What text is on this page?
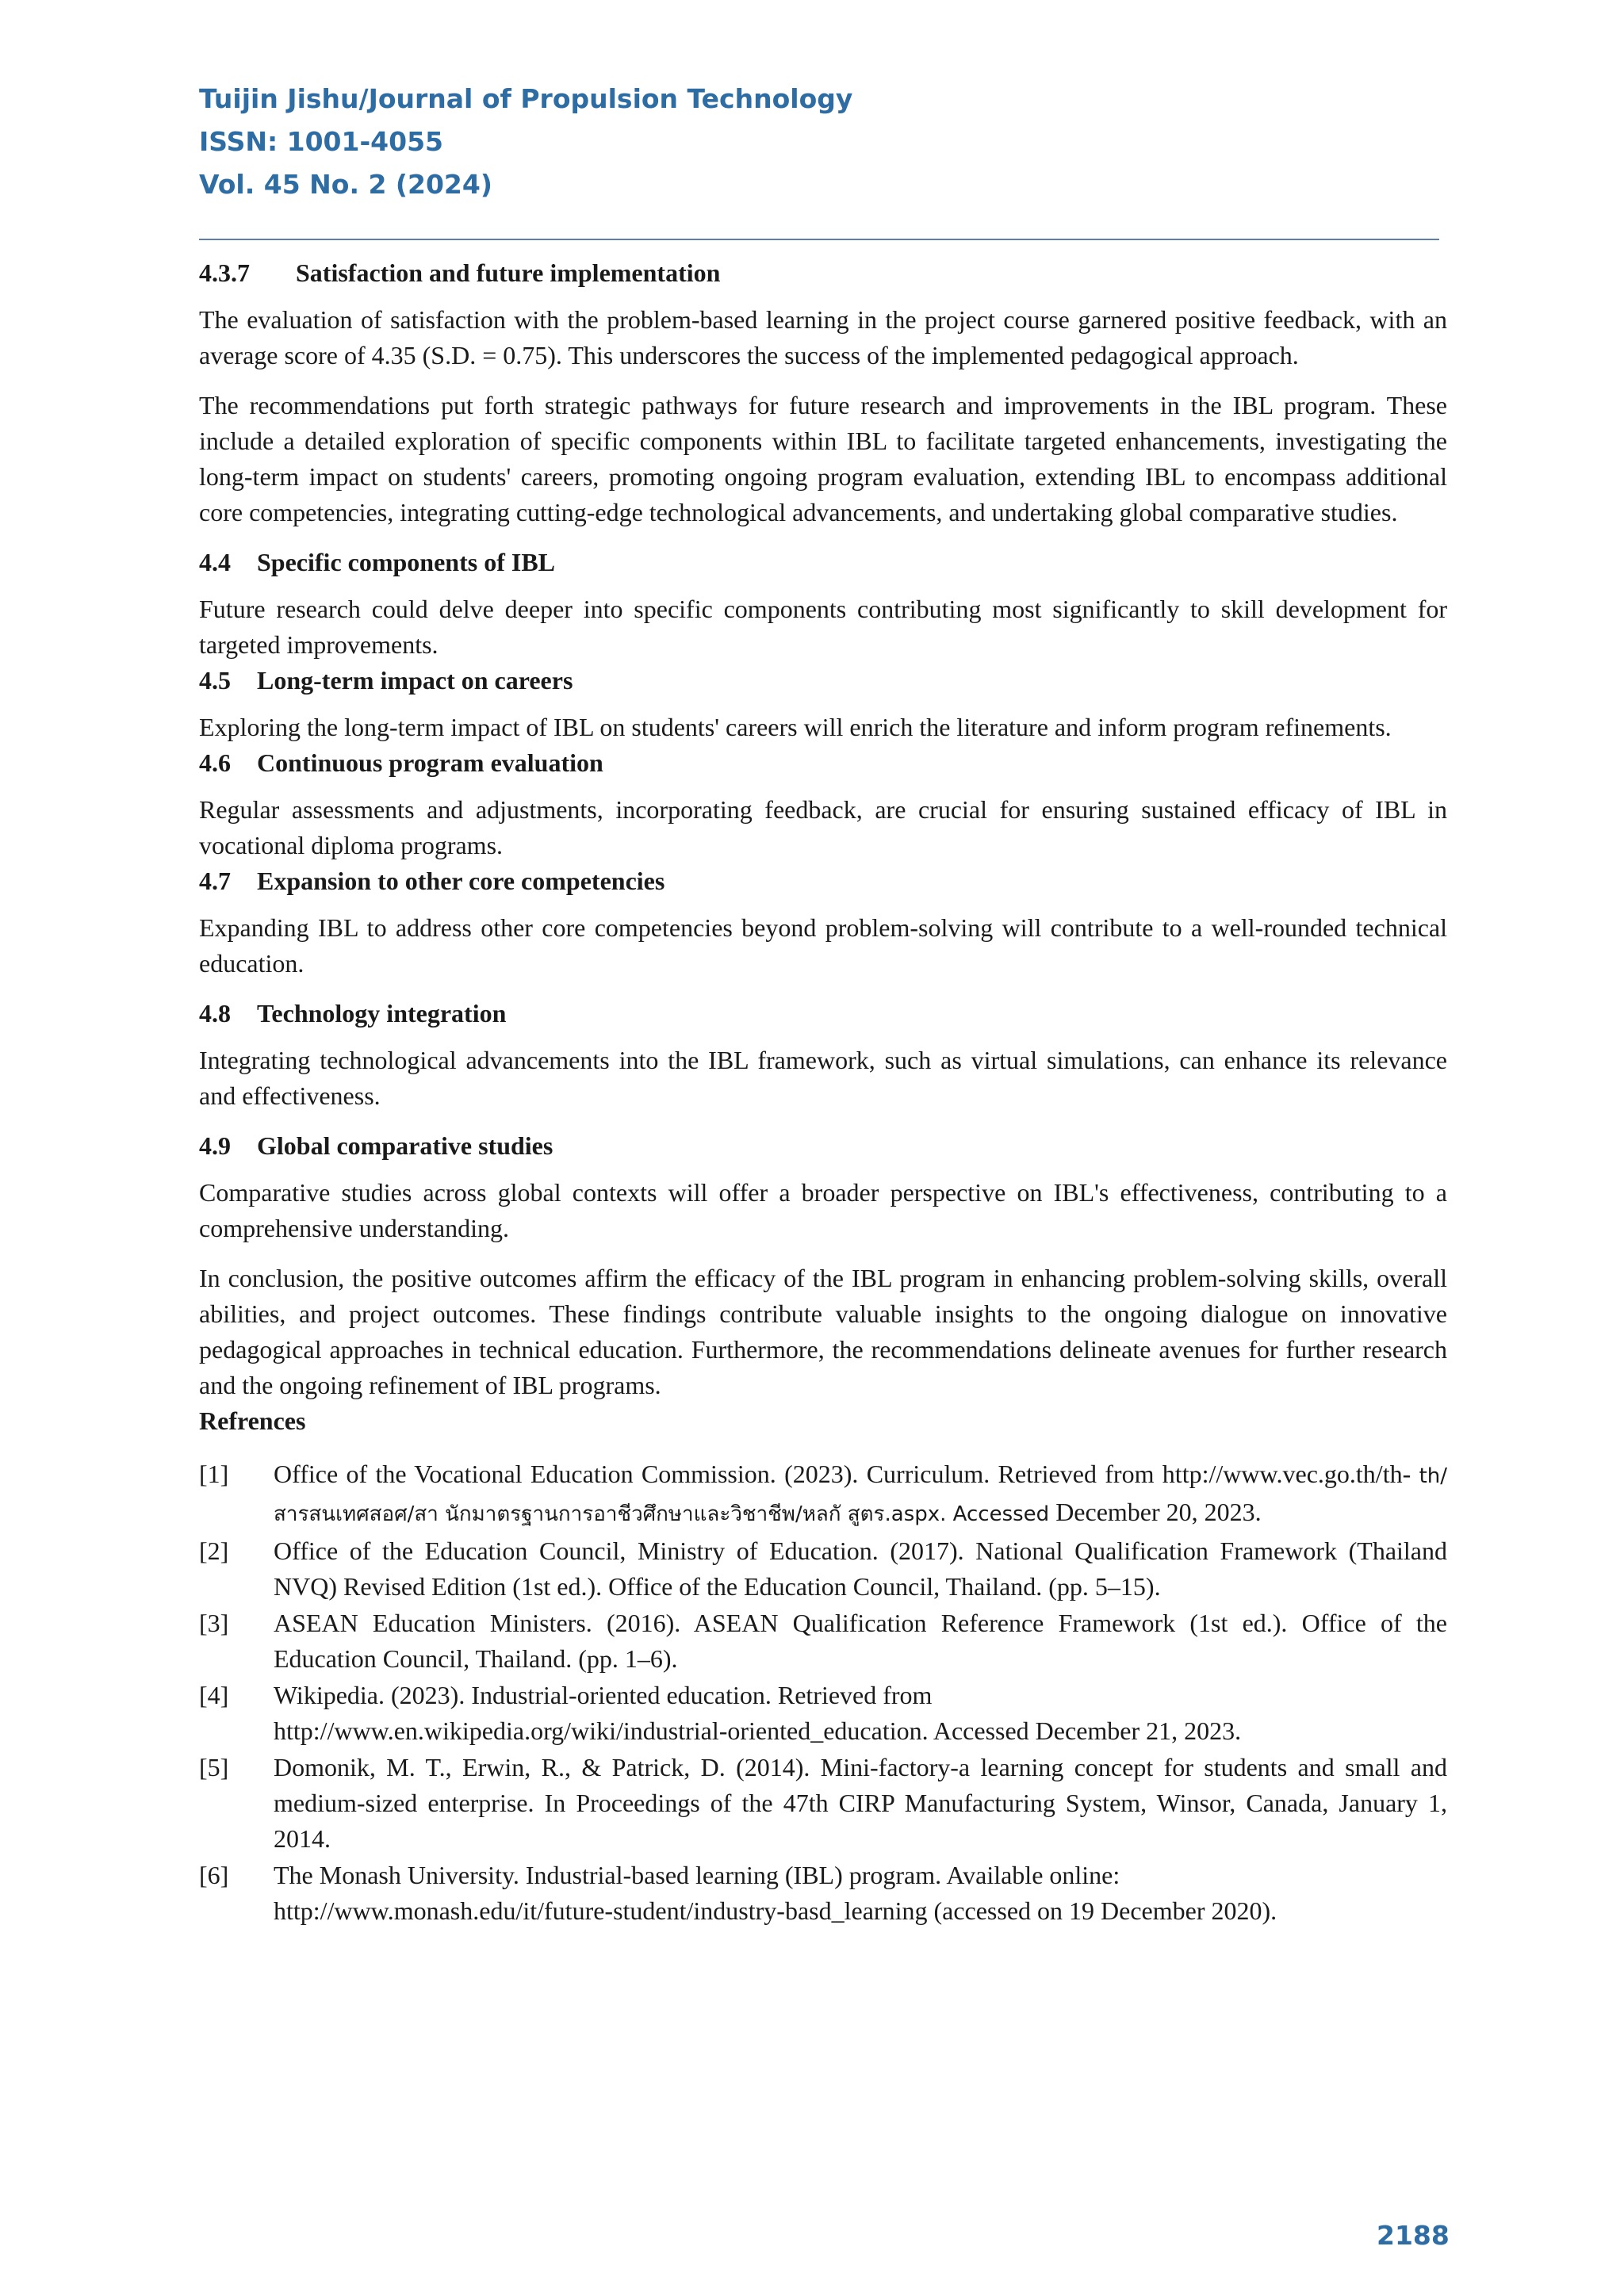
Tuijin Jishu/Journal of Propulsion Technology
ISSN: 1001-4055
Vol. 45 No. 2 (2024)
4.3.7 Satisfaction and future implementation

The evaluation of satisfaction with the problem-based learning in the project course garnered positive feedback, with an average score of 4.35 (S.D. = 0.75). This underscores the success of the implemented pedagogical approach.

The recommendations put forth strategic pathways for future research and improvements in the IBL program. These include a detailed exploration of specific components within IBL to facilitate targeted enhancements, investigating the long-term impact on students' careers, promoting ongoing program evaluation, extending IBL to encompass additional core competencies, integrating cutting-edge technological advancements, and undertaking global comparative studies.

4.4 Specific components of IBL

Future research could delve deeper into specific components contributing most significantly to skill development for targeted improvements.

4.5 Long-term impact on careers

Exploring the long-term impact of IBL on students' careers will enrich the literature and inform program refinements.

4.6 Continuous program evaluation

Regular assessments and adjustments, incorporating feedback, are crucial for ensuring sustained efficacy of IBL in vocational diploma programs.

4.7 Expansion to other core competencies

Expanding IBL to address other core competencies beyond problem-solving will contribute to a well-rounded technical education.

4.8 Technology integration

Integrating technological advancements into the IBL framework, such as virtual simulations, can enhance its relevance and effectiveness.

4.9 Global comparative studies

Comparative studies across global contexts will offer a broader perspective on IBL's effectiveness, contributing to a comprehensive understanding.

In conclusion, the positive outcomes affirm the efficacy of the IBL program in enhancing problem-solving skills, overall abilities, and project outcomes. These findings contribute valuable insights to the ongoing dialogue on innovative pedagogical approaches in technical education. Furthermore, the recommendations delineate avenues for further research and the ongoing refinement of IBL programs.

Refrences
[1]	Office of the Vocational Education Commission. (2023). Curriculum. Retrieved from http://www.vec.go.th/th- th/สารสนเทศสอศ/สา นักมาตรฐานการอาชีวศึกษาและวิชาชีพ/หลกั สูตร.aspx. Accessed December 20, 2023.
[2]	Office of the Education Council, Ministry of Education. (2017). National Qualification Framework (Thailand NVQ) Revised Edition (1st ed.). Office of the Education Council, Thailand. (pp. 5–15).
[3]	ASEAN Education Ministers. (2016). ASEAN Qualification Reference Framework (1st ed.). Office of the Education Council, Thailand. (pp. 1–6).
[4]	Wikipedia. (2023). Industrial-oriented education. Retrieved from
http://www.en.wikipedia.org/wiki/industrial-oriented_education. Accessed December 21, 2023.
[5]	Domonik, M. T., Erwin, R., & Patrick, D. (2014). Mini-factory-a learning concept for students and small and medium-sized enterprise. In Proceedings of the 47th CIRP Manufacturing System, Winsor, Canada, January 1, 2014.
[6]	The Monash University. Industrial-based learning (IBL) program. Available online:
http://www.monash.edu/it/future-student/industry-basd_learning (accessed on 19 December 2020).
2188
